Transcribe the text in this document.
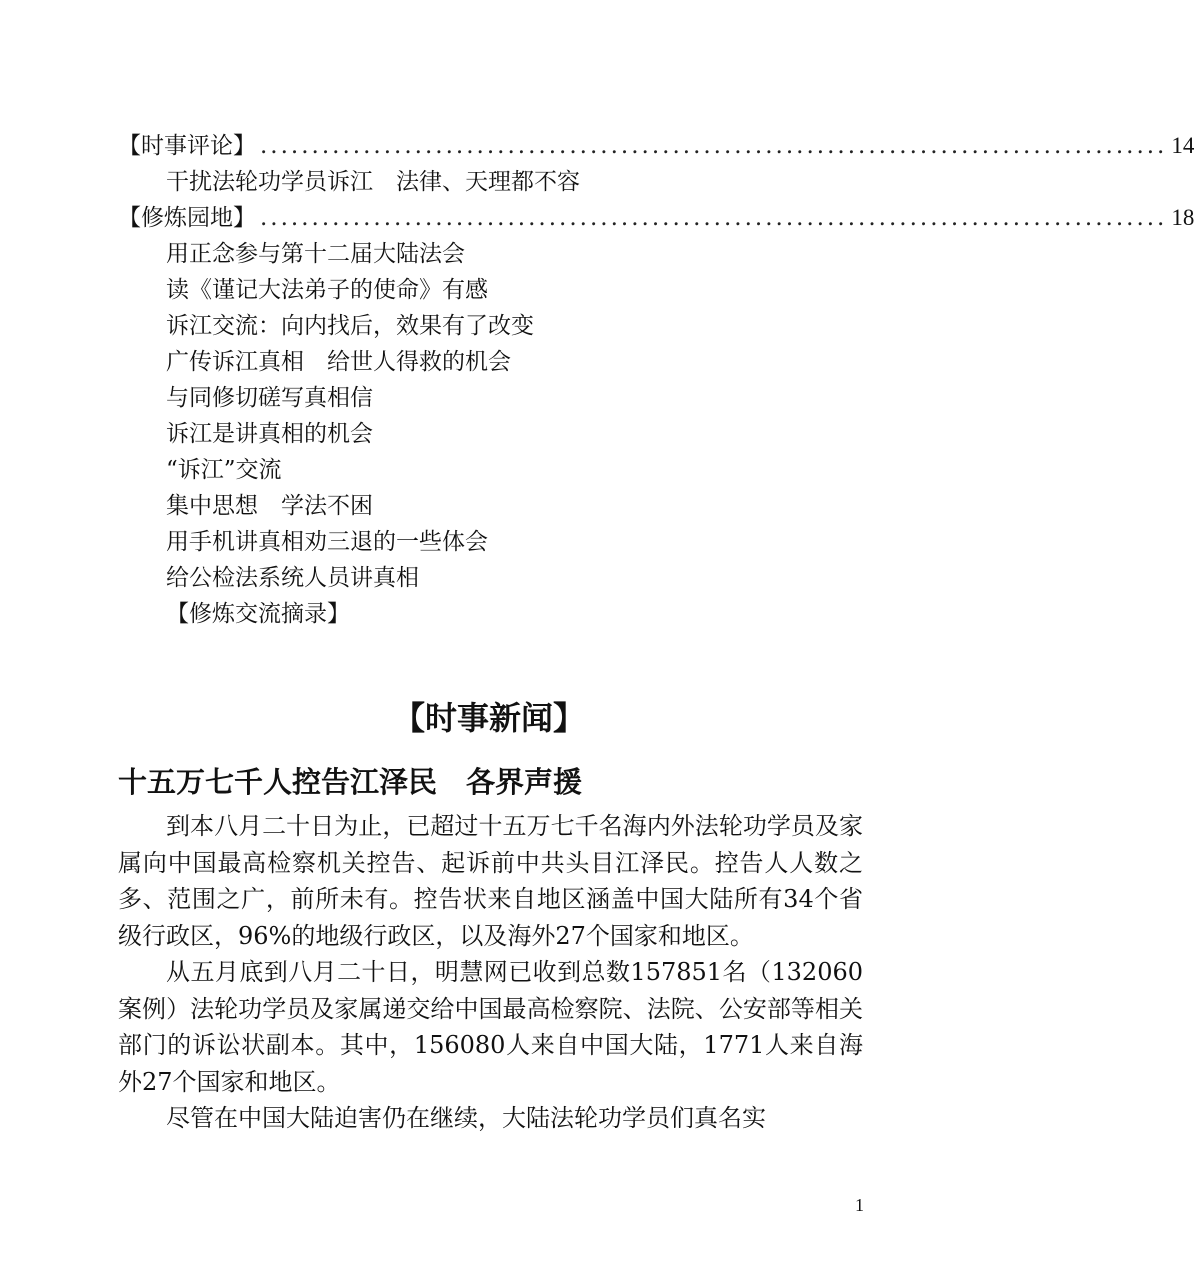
【时事评论】 ........................................................................................ 14
干扰法轮功学员诉江　法律、天理都不容
【修炼园地】 ........................................................................................ 18
用正念参与第十二届大陆法会
读《谨记大法弟子的使命》有感
诉江交流：向内找后，效果有了改变
广传诉江真相　给世人得救的机会
与同修切磋写真相信
诉江是讲真相的机会
“诉江”交流
集中思想　学法不困
用手机讲真相劝三退的一些体会
给公检法系统人员讲真相
【修炼交流摘录】
【时事新闻】
十五万七千人控告江泽民　各界声援

到本八月二十日为止，已超过十五万七千名海内外法轮功学员及家属向中国最高检察机关控告、起诉前中共头目江泽民。控告人人数之多、范围之广，前所未有。控告状来自地区涵盖中国大陆所有34个省级行政区，96%的地级行政区，以及海外27个国家和地区。

从五月底到八月二十日，明慧网已收到总数157851名（132060案例）法轮功学员及家属递交给中国最高检察院、法院、公安部等相关部门的诉讼状副本。其中，156080人来自中国大陆，1771人来自海外27个国家和地区。

尽管在中国大陆迫害仍在继续，大陆法轮功学员们真名实

1
